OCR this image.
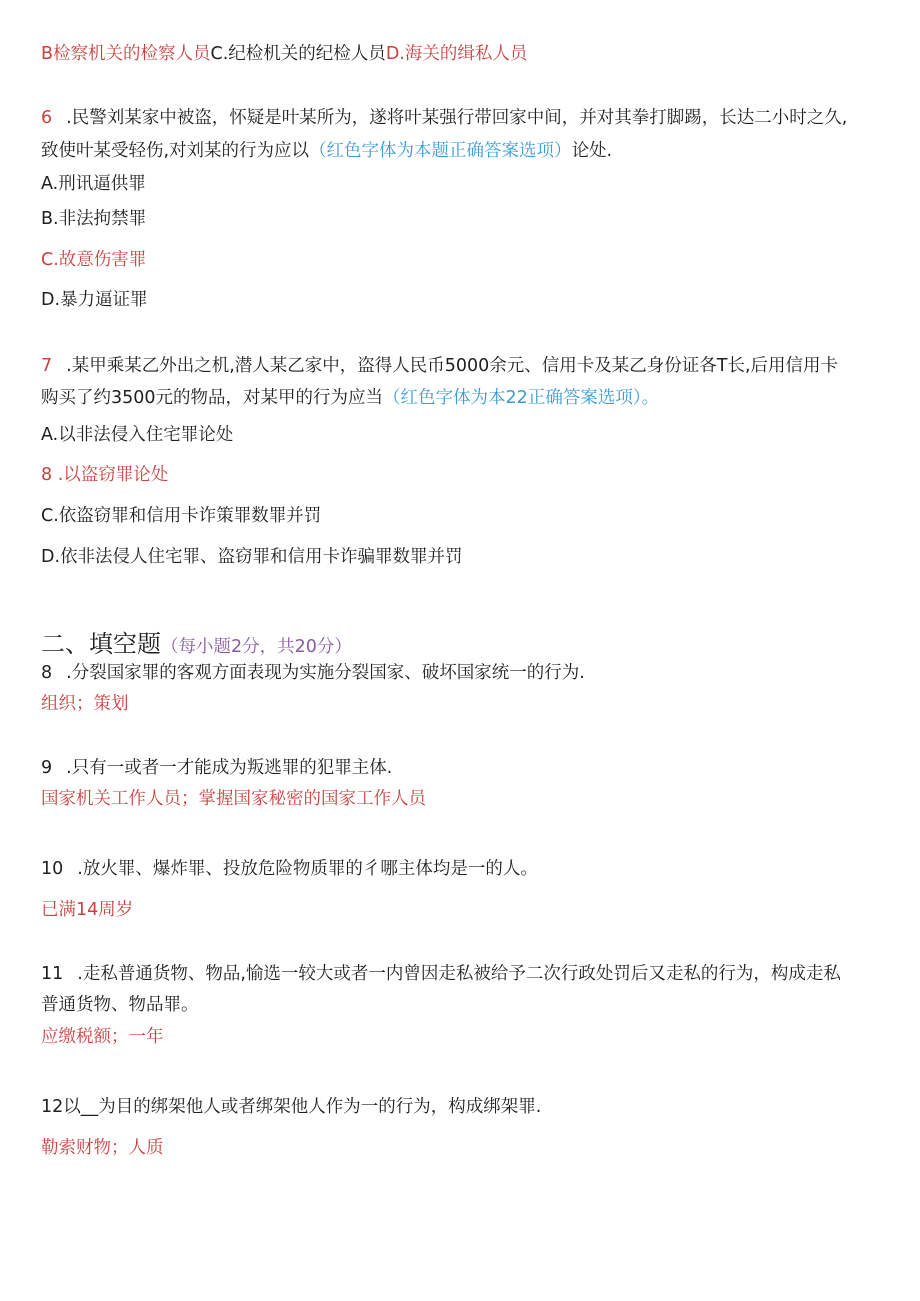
B检察机关的检察人员C.纪检机关的纪检人员D.海关的缉私人员
6 .民警刘某家中被盗，怀疑是叶某所为，遂将叶某强行带回家中间，并对其拳打脚踢，长达二小时之久,
致使叶某受轻伤,对刘某的行为应以（红色字体为本题正确答案选项）论处.
A.刑讯逼供罪
B.非法拘禁罪
C.故意伤害罪
D.暴力逼证罪
7 .某甲乘某乙外出之机,潜人某乙家中，盗得人民币5000余元、信用卡及某乙身份证各T长,后用信用卡
购买了约3500元的物品，对某甲的行为应当（红色字体为本22正确答案选项）。
A.以非法侵入住宅罪论处
8 .以盗窃罪论处
C.依盗窃罪和信用卡诈策罪数罪并罚
D.依非法侵人住宅罪、盗窃罪和信用卡诈骗罪数罪并罚
二、填空题（每小题2分，共20分）
8 .分裂国家罪的客观方面表现为实施分裂国家、破坏国家统一的行为.
组织；策划
9 .只有一或者一才能成为叛逃罪的犯罪主体.
国家机关工作人员；掌握国家秘密的国家工作人员
10 .放火罪、爆炸罪、投放危险物质罪的彳哪主体均是一的人。
已满14周岁
11 .走私普通货物、物品,愉选一较大或者一内曾因走私被给予二次行政处罚后又走私的行为，构成走私
普通货物、物品罪。
应缴税额；一年
12以__为目的绑架他人或者绑架他人作为一的行为，构成绑架罪.
勒索财物；人质
